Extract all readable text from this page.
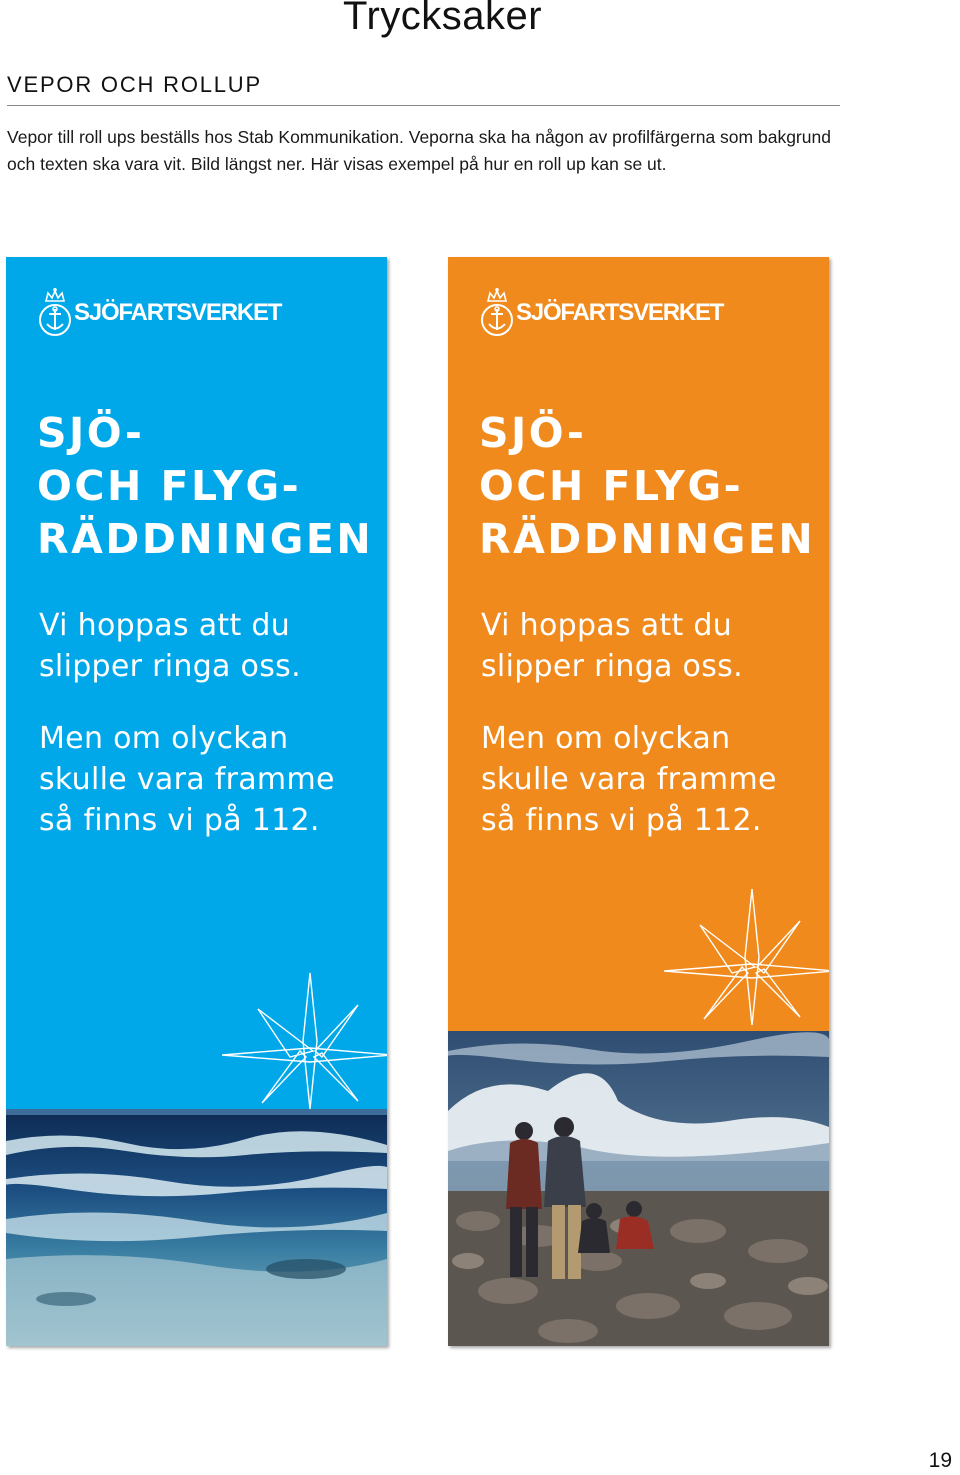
Trycksaker
VEPOR OCH ROLLUP

Vepor till roll ups beställs hos Stab Kommunikation. Veporna ska ha någon av profilfärgerna som bakgrund och texten ska vara vit. Bild längst ner. Här visas exempel på hur en roll up kan se ut.

SJÖFARTSVERKET
SJÖ-
OCH FLYG-
RÄDDNINGEN

Vi hoppas att du
slipper ringa oss.

Men om olyckan
skulle vara framme
så finns vi på 112.

SJÖFARTSVERKET
SJÖ-
OCH FLYG-
RÄDDNINGEN

Vi hoppas att du
slipper ringa oss.

Men om olyckan
skulle vara framme
så finns vi på 112.

19
